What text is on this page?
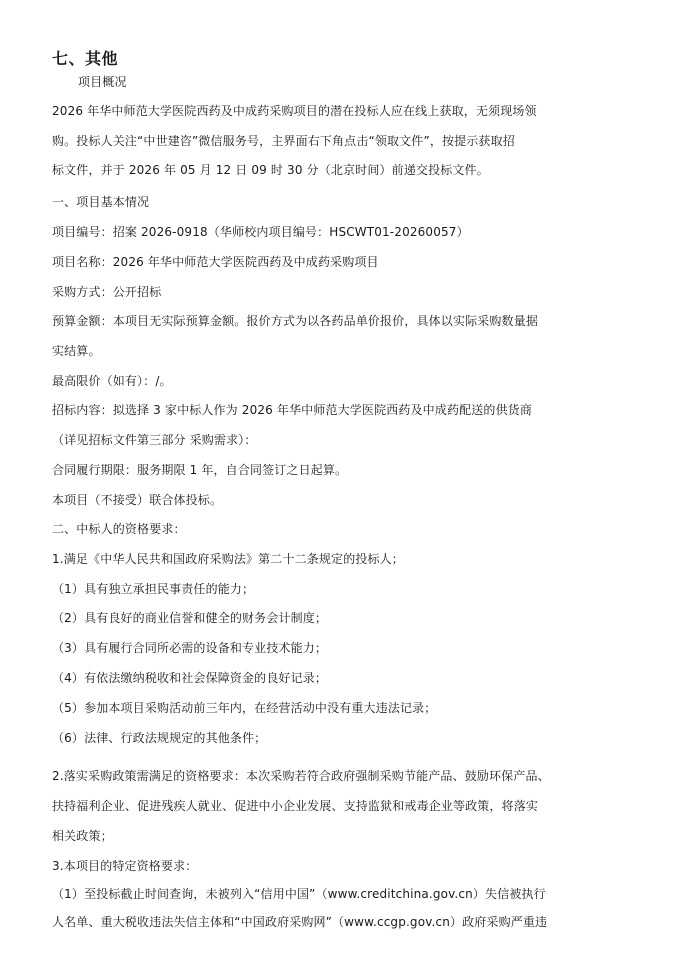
七、其他
项目概况
2026 年华中师范大学医院西药及中成药采购项目的潜在投标人应在线上获取，无须现场领
购。投标人关注“中世建咨”微信服务号，主界面右下角点击“领取文件”，按提示获取招
标文件，并于 2026 年 05 月 12 日 09 时 30 分（北京时间）前递交投标文件。
一、项目基本情况
项目编号：招案 2026-0918（华师校内项目编号：HSCWT01-20260057）
项目名称：2026 年华中师范大学医院西药及中成药采购项目
采购方式：公开招标
预算金额：本项目无实际预算金额。报价方式为以各药品单价报价，具体以实际采购数量据
实结算。
最高限价（如有）：/。
招标内容：拟选择 3 家中标人作为 2026 年华中师范大学医院西药及中成药配送的供货商
（详见招标文件第三部分 采购需求）：
合同履行期限：服务期限 1 年，自合同签订之日起算。
本项目（不接受）联合体投标。
二、中标人的资格要求：
1.满足《中华人民共和国政府采购法》第二十二条规定的投标人；
（1）具有独立承担民事责任的能力；
（2）具有良好的商业信誉和健全的财务会计制度；
（3）具有履行合同所必需的设备和专业技术能力；
（4）有依法缴纳税收和社会保障资金的良好记录；
（5）参加本项目采购活动前三年内，在经营活动中没有重大违法记录；
（6）法律、行政法规规定的其他条件；
2.落实采购政策需满足的资格要求：本次采购若符合政府强制采购节能产品、鼓励环保产品、
扶持福利企业、促进残疾人就业、促进中小企业发展、支持监狱和戒毒企业等政策，将落实
相关政策；
3.本项目的特定资格要求：
（1）至投标截止时间查询，未被列入“信用中国”（www.creditchina.gov.cn）失信被执行
人名单、重大税收违法失信主体和“中国政府采购网”（www.ccgp.gov.cn）政府采购严重违
